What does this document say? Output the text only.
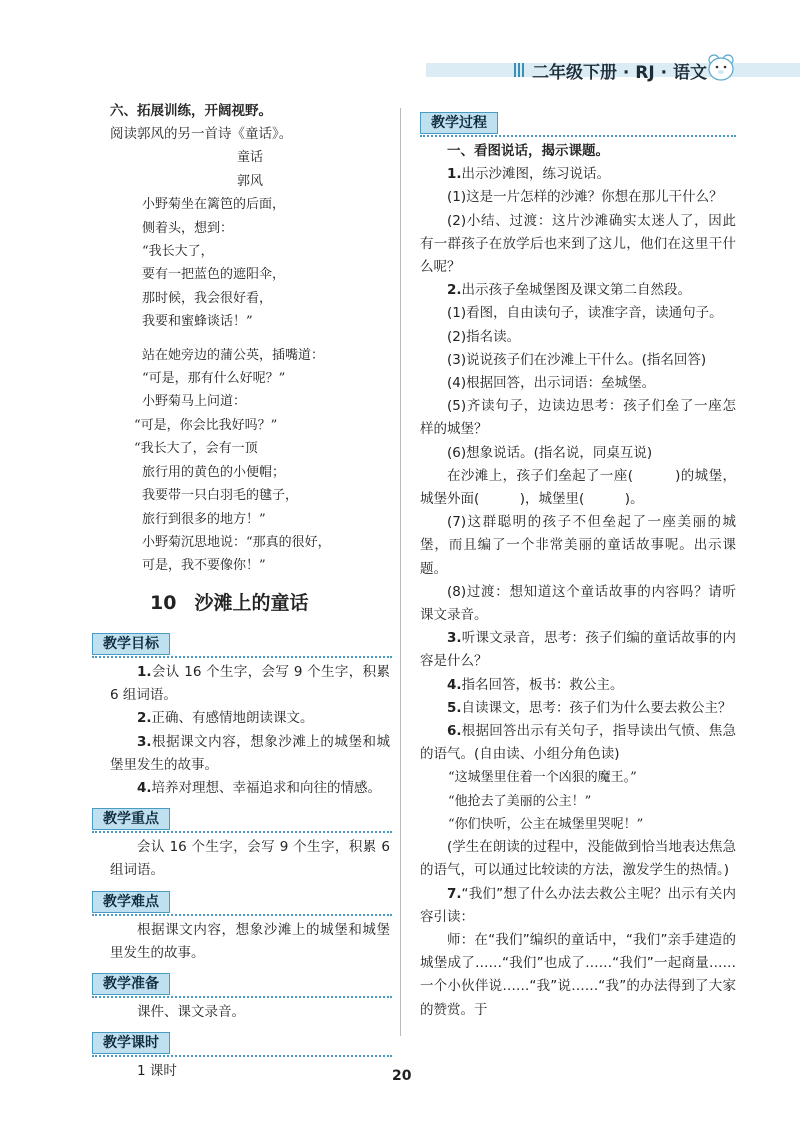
二年级下册 · RJ · 语文

六、拓展训练，开阔视野。

阅读郭风的另一首诗《童话》。

童话

郭风

小野菊坐在篱笆的后面，

侧着头，想到：

“我长大了，

要有一把蓝色的遮阳伞，

那时候，我会很好看，

我要和蜜蜂谈话！”

站在她旁边的蒲公英，插嘴道：

“可是，那有什么好呢？”

小野菊马上问道：

“可是，你会比我好吗？”

“我长大了，会有一顶

旅行用的黄色的小便帽；

我要带一只白羽毛的毽子，

旅行到很多的地方！”

小野菊沉思地说：“那真的很好，

可是，我不要像你！”

10 沙滩上的童话
教学目标

1.会认 16 个生字，会写 9 个生字，积累 6 组词语。

2.正确、有感情地朗读课文。

3.根据课文内容，想象沙滩上的城堡和城堡里发生的故事。

4.培养对理想、幸福追求和向往的情感。

教学重点

会认 16 个生字，会写 9 个生字，积累 6 组词语。

教学难点

根据课文内容，想象沙滩上的城堡和城堡里发生的故事。

教学准备

课件、课文录音。

教学课时

1 课时

教学过程

一、看图说话，揭示课题。

1.出示沙滩图，练习说话。

(1)这是一片怎样的沙滩？你想在那儿干什么？

(2)小结、过渡：这片沙滩确实太迷人了，因此有一群孩子在放学后也来到了这儿，他们在这里干什么呢？

2.出示孩子垒城堡图及课文第二自然段。

(1)看图，自由读句子，读准字音，读通句子。

(2)指名读。

(3)说说孩子们在沙滩上干什么。(指名回答)

(4)根据回答，出示词语：垒城堡。

(5)齐读句子，边读边思考：孩子们垒了一座怎样的城堡？

(6)想象说话。(指名说，同桌互说)

在沙滩上，孩子们垒起了一座(　　　)的城堡，城堡外面(　　　)，城堡里(　　　)。

(7)这群聪明的孩子不但垒起了一座美丽的城堡，而且编了一个非常美丽的童话故事呢。出示课题。

(8)过渡：想知道这个童话故事的内容吗？请听课文录音。

3.听课文录音，思考：孩子们编的童话故事的内容是什么？

4.指名回答，板书：救公主。

5.自读课文，思考：孩子们为什么要去救公主？

6.根据回答出示有关句子，指导读出气愤、焦急的语气。(自由读、小组分角色读)

“这城堡里住着一个凶狠的魔王。”

“他抢去了美丽的公主！”

“你们快听，公主在城堡里哭呢！”

(学生在朗读的过程中，没能做到恰当地表达焦急的语气，可以通过比较读的方法，激发学生的热情。)

7.“我们”想了什么办法去救公主呢？出示有关内容引读：

师：在“我们”编织的童话中，“我们”亲手建造的城堡成了……“我们”也成了……“我们”一起商量……一个小伙伴说……“我”说……“我”的办法得到了大家的赞赏。于

20
